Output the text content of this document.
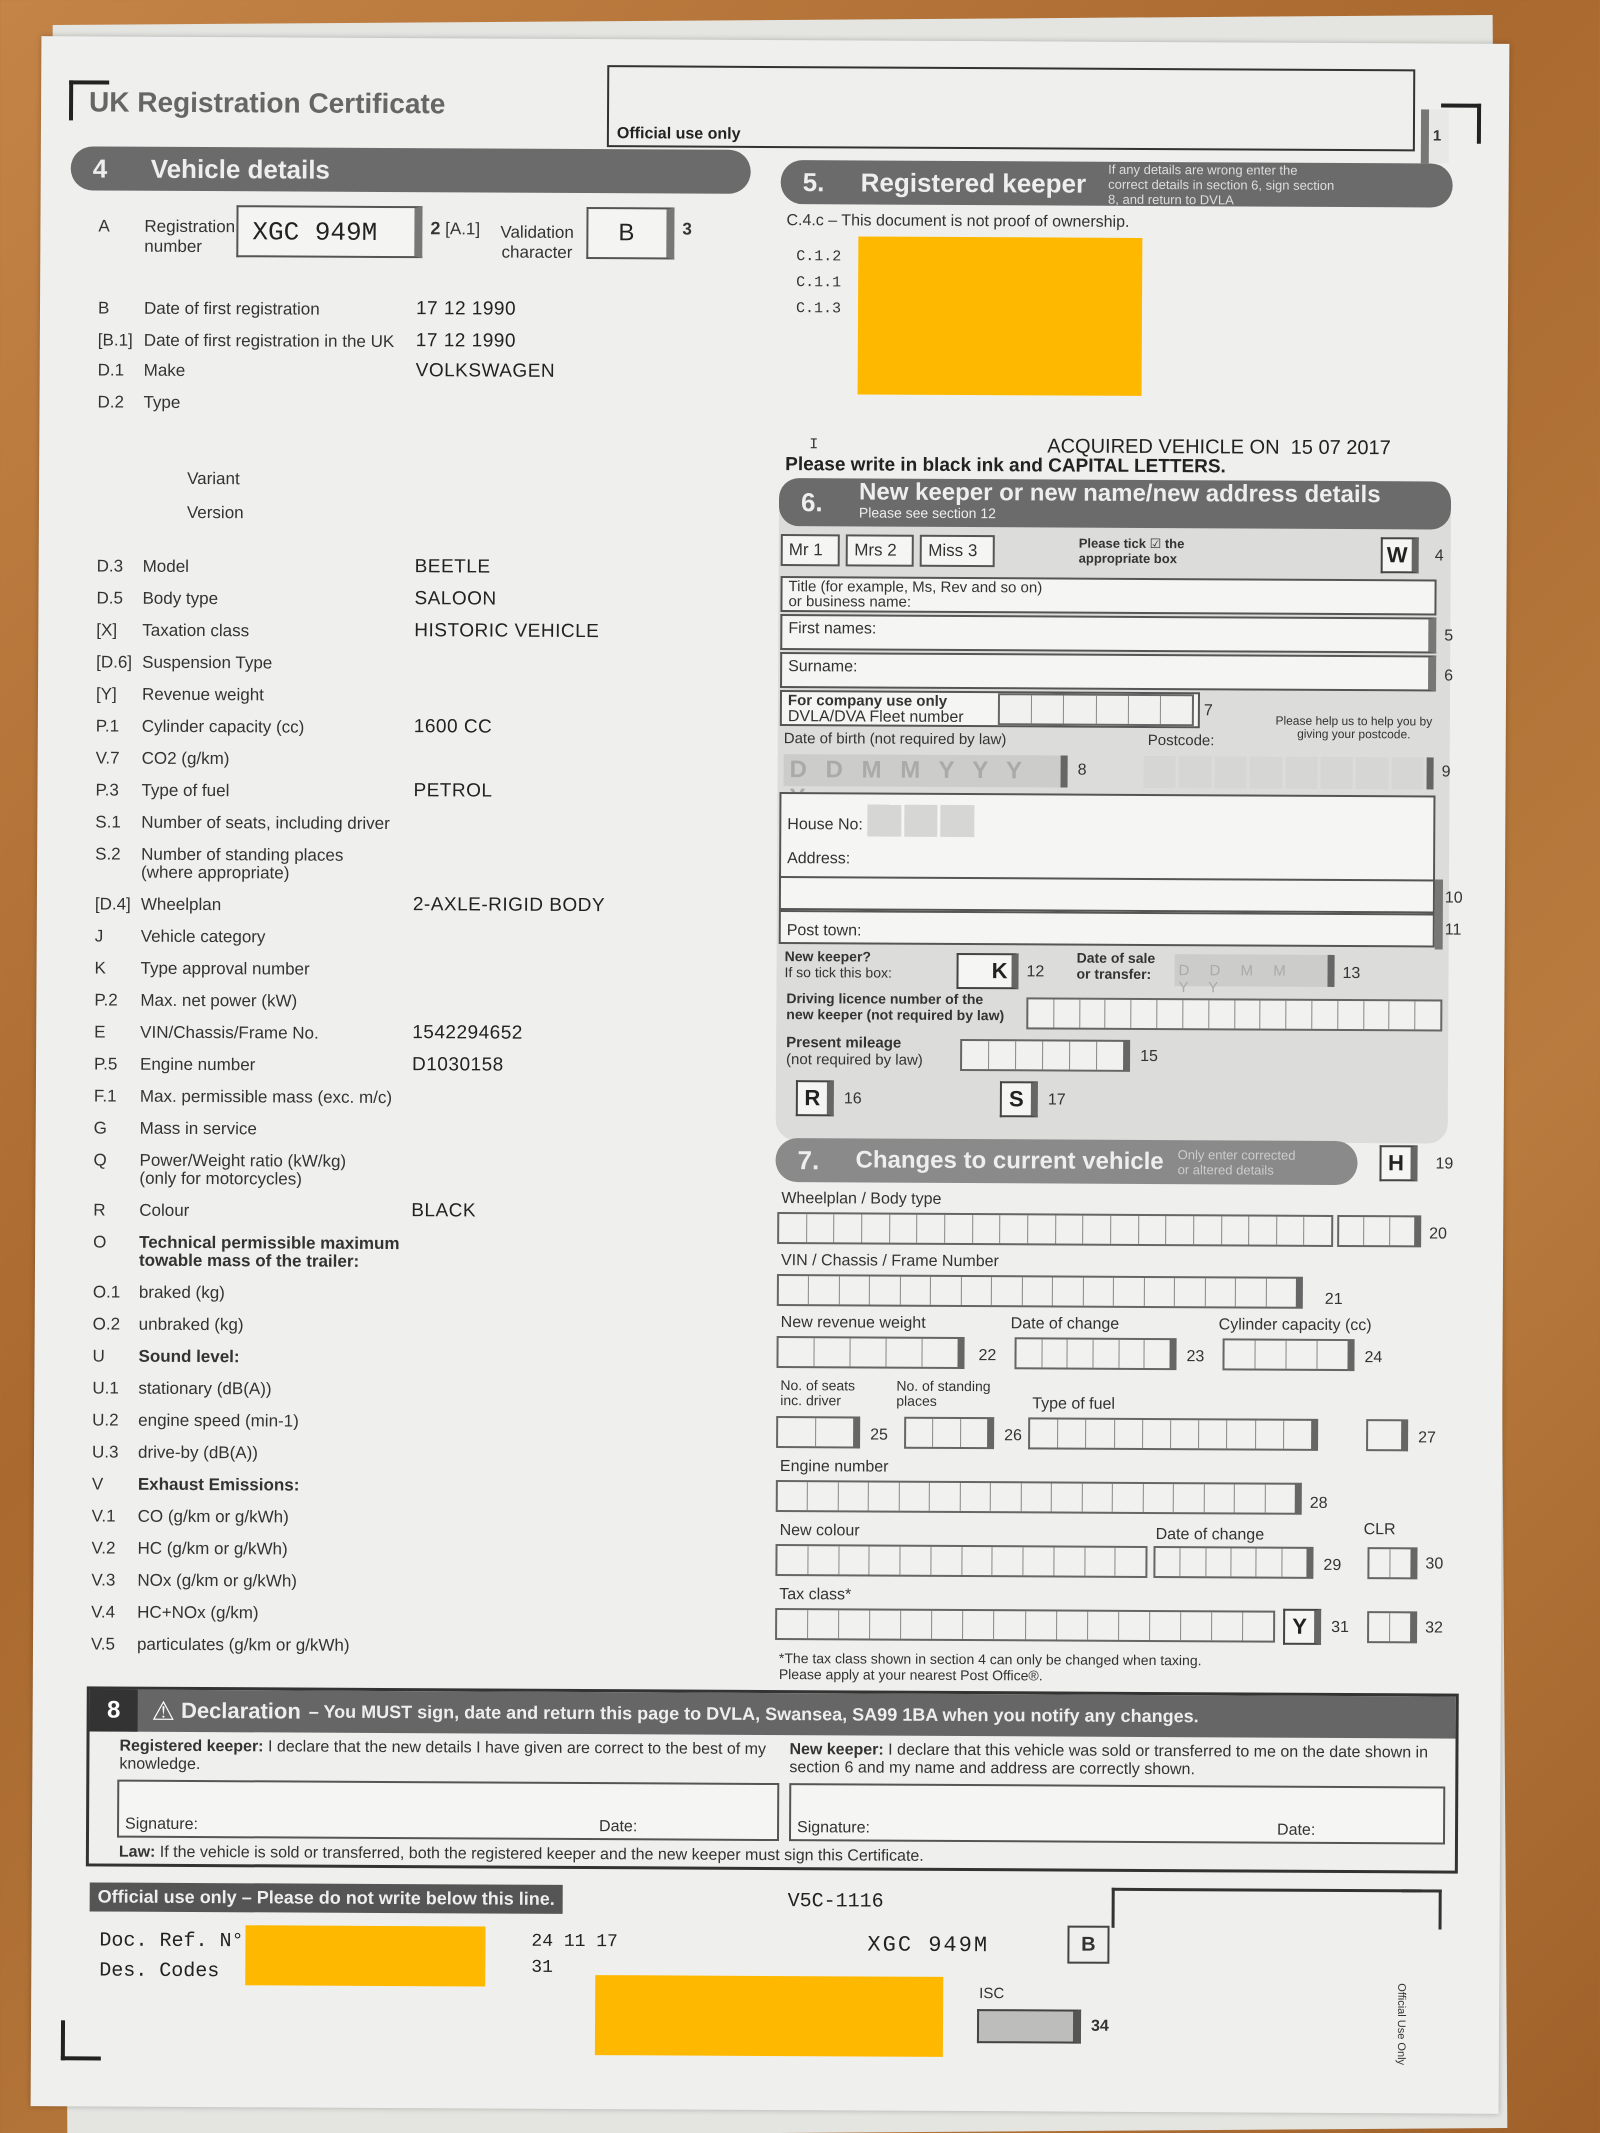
UK Registration Certificate
Official use only	1
4	Vehicle details
A	Registration
number	XGC 949M	2 [A.1] Validation
character
B	3
B Date of first registration	17 12 1990
[B.1] Date of first registration in the UK 17 12 1990
D.1 Make	VOLKSWAGEN
D.2 Type
Variant
Version
D.3 Model	BEETLE
D.5 Body type	SALOON
[X] Taxation class	HISTORIC VEHICLE
[D.6] Suspension Type
[Y] Revenue weight
P.1 Cylinder capacity (cc)	1600 CC
V.7 CO2 (g/km)
P.3 Type of fuel	PETROL
S.1 Number of seats, including driver
S.2 Number of standing places
(where appropriate)
[D.4] Wheelplan	2-AXLE-RIGID BODY
J Vehicle category
K Type approval number
P.2 Max. net power (kW)
E VIN/Chassis/Frame No.	1542294652
P.5 Engine number	D1030158
F.1 Max. permissible mass (exc. m/c)
G Mass in service
Q Power/Weight ratio (kW/kg)
(only for motorcycles)
R Colour	BLACK
O Technical permissible maximum
towable mass of the trailer:
O.1 braked (kg)
O.2 unbraked (kg)
U Sound level:
U.1 stationary (dB(A))
U.2 engine speed (min-1)
U.3 drive-by (dB(A))
V Exhaust Emissions:
V.1 CO (g/km or g/kWh)
V.2 HC (g/km or g/kWh)
V.3 NOx (g/km or g/kWh)
V.4 HC+NOx (g/km)
V.5 particulates (g/km or g/kWh)
5.	Registered keeper If any details are wrong enter the correct details in section 6, sign section 8, and return to DVLA
C.4.c – This document is not proof of ownership.
C.1.2
C.1.1
C.1.3
I	ACQUIRED VEHICLE ON 15 07 2017
Please write in black ink and CAPITAL LETTERS.
6.	New keeper or new name/new address details
Please see section 12
Mr 1	Mrs 2	Miss 3	Please tick ☑ the appropriate box	W	4
Title (for example, Ms, Rev and so on) or business name:
First names:	5
Surname:
6
For company use only
DVLA/DVA Fleet number	7
Please help us to help you by giving your postcode.
Date of birth (not required by law)	Postcode:
D D M M Y Y Y	8	9
House No:
Address:
10
Post town:	11
New keeper?
If so tick this box:	K	12
Date of sale
or transfer: D D M M Y Y
13
Driving licence number of the
new keeper (not required by law)
Present mileage
(not required by law)	15
R	16	S	17
7.	Changes to current vehicle Only enter corrected or altered details	H	19
Wheelplan / Body type
20
VIN / Chassis / Frame Number
21
New revenue weight	Date of change	Cylinder capacity (cc)
22	23	24
No. of seats
inc. driver
No. of standing
places	Type of fuel
25	26	27
Engine number
28
New colour	Date of change	CLR
29	30
Tax class*
Y	31	32
*The tax class shown in section 4 can only be changed when taxing.
Please apply at your nearest Post Office®.
8	⚠ Declaration – You MUST sign, date and return this page to DVLA, Swansea, SA99 1BA when you notify any changes.
Registered keeper: I declare that the new details I have given are correct to the best of my knowledge.
New keeper: I declare that this vehicle was sold or transferred to me on the date shown in section 6 and my name and address are correctly shown.
Signature:	Date:	Signature:	Date:
Law: If the vehicle is sold or transferred, both the registered keeper and the new keeper must sign this Certificate.
Official use only – Please do not write below this line.	V5C-1116
Doc. Ref. N°
Des. Codes
24 11 17
31
XGC 949M	B
ISC
34	Official Use Only
